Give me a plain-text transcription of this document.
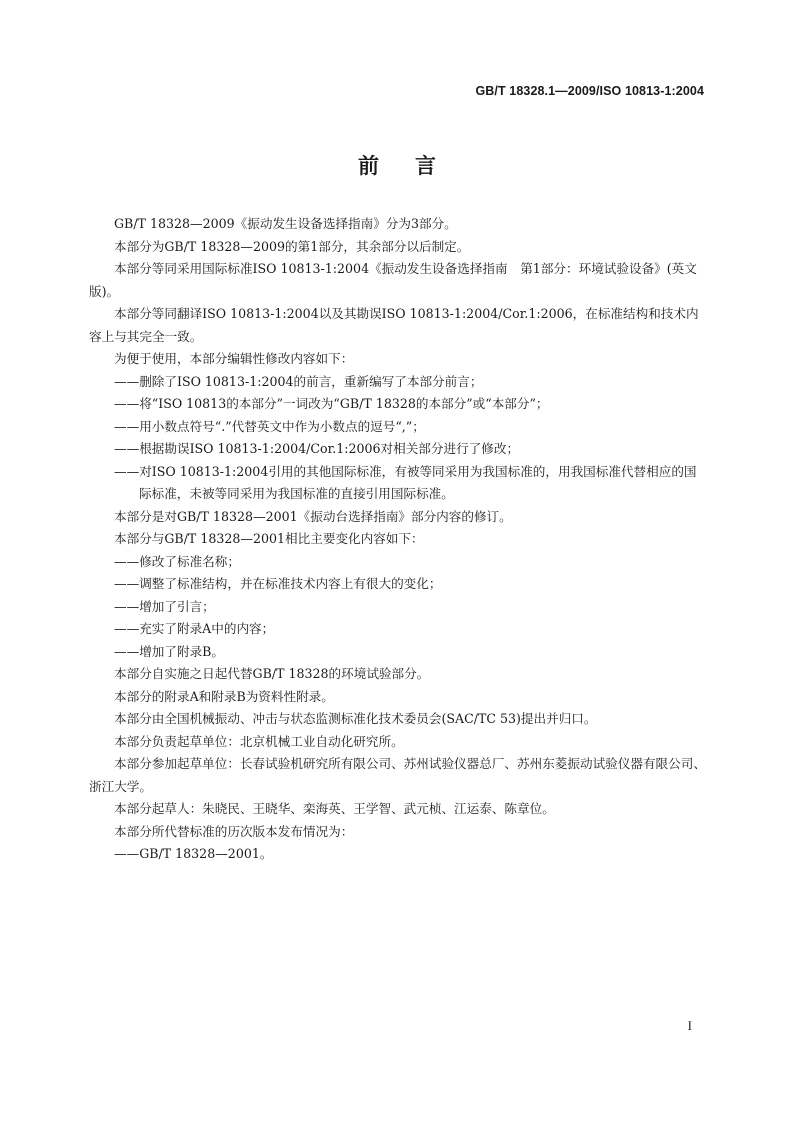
GB/T 18328.1—2009/ISO 10813-1:2004
前言

GB/T 18328—2009《振动发生设备选择指南》分为3部分。

本部分为GB/T 18328—2009的第1部分，其余部分以后制定。

本部分等同采用国际标准ISO 10813-1:2004《振动发生设备选择指南　第1部分：环境试验设备》(英文版)。

本部分等同翻译ISO 10813-1:2004以及其勘误ISO 10813-1:2004/Cor.1:2006，在标准结构和技术内容上与其完全一致。

为便于使用，本部分编辑性修改内容如下：

——删除了ISO 10813-1:2004的前言，重新编写了本部分前言；

——将“ISO 10813的本部分”一词改为“GB/T 18328的本部分”或“本部分”；

——用小数点符号“.”代替英文中作为小数点的逗号“,”；

——根据勘误ISO 10813-1:2004/Cor.1:2006对相关部分进行了修改；

——对ISO 10813-1:2004引用的其他国际标准，有被等同采用为我国标准的，用我国标准代替相应的国际标准，未被等同采用为我国标准的直接引用国际标准。

本部分是对GB/T 18328—2001《振动台选择指南》部分内容的修订。

本部分与GB/T 18328—2001相比主要变化内容如下：

——修改了标准名称；

——调整了标准结构，并在标准技术内容上有很大的变化；

——增加了引言；

——充实了附录A中的内容；

——增加了附录B。

本部分自实施之日起代替GB/T 18328的环境试验部分。

本部分的附录A和附录B为资料性附录。

本部分由全国机械振动、冲击与状态监测标准化技术委员会(SAC/TC 53)提出并归口。

本部分负责起草单位：北京机械工业自动化研究所。

本部分参加起草单位：长春试验机研究所有限公司、苏州试验仪器总厂、苏州东菱振动试验仪器有限公司、浙江大学。

本部分起草人：朱晓民、王晓华、栾海英、王学智、武元桢、江运泰、陈章位。

本部分所代替标准的历次版本发布情况为：

——GB/T 18328—2001。

I
